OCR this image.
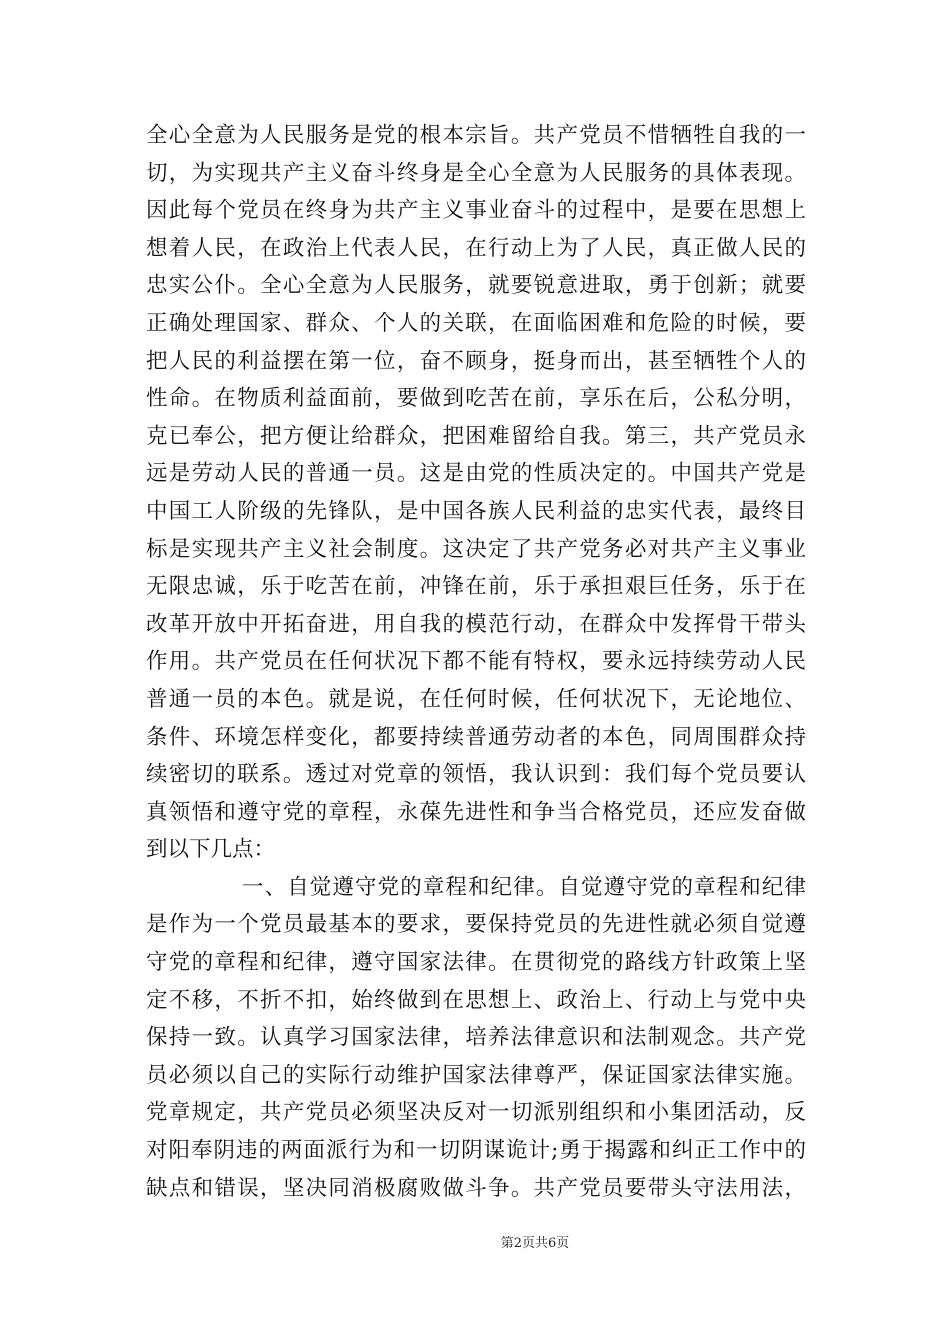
全心全意为人民服务是党的根本宗旨。共产党员不惜牺牲自我的一
切，为实现共产主义奋斗终身是全心全意为人民服务的具体表现。
因此每个党员在终身为共产主义事业奋斗的过程中，是要在思想上
想着人民，在政治上代表人民，在行动上为了人民，真正做人民的
忠实公仆。全心全意为人民服务，就要锐意进取，勇于创新；就要
正确处理国家、群众、个人的关联，在面临困难和危险的时候，要
把人民的利益摆在第一位，奋不顾身，挺身而出，甚至牺牲个人的
性命。在物质利益面前，要做到吃苦在前，享乐在后，公私分明，
克已奉公，把方便让给群众，把困难留给自我。第三，共产党员永
远是劳动人民的普通一员。这是由党的性质决定的。中国共产党是
中国工人阶级的先锋队，是中国各族人民利益的忠实代表，最终目
标是实现共产主义社会制度。这决定了共产党务必对共产主义事业
无限忠诚，乐于吃苦在前，冲锋在前，乐于承担艰巨任务，乐于在
改革开放中开拓奋进，用自我的模范行动，在群众中发挥骨干带头
作用。共产党员在任何状况下都不能有特权，要永远持续劳动人民
普通一员的本色。就是说，在任何时候，任何状况下，无论地位、
条件、环境怎样变化，都要持续普通劳动者的本色，同周围群众持
续密切的联系。透过对党章的领悟，我认识到：我们每个党员要认
真领悟和遵守党的章程，永葆先进性和争当合格党员，还应发奋做
到以下几点：
一、自觉遵守党的章程和纪律。自觉遵守党的章程和纪律
是作为一个党员最基本的要求，要保持党员的先进性就必须自觉遵
守党的章程和纪律，遵守国家法律。在贯彻党的路线方针政策上坚
定不移，不折不扣，始终做到在思想上、政治上、行动上与党中央
保持一致。认真学习国家法律，培养法律意识和法制观念。共产党
员必须以自己的实际行动维护国家法律尊严，保证国家法律实施。
党章规定，共产党员必须坚决反对一切派别组织和小集团活动，反
对阳奉阴违的两面派行为和一切阴谋诡计;勇于揭露和纠正工作中的
缺点和错误，坚决同消极腐败做斗争。共产党员要带头守法用法，
第2页共6页
